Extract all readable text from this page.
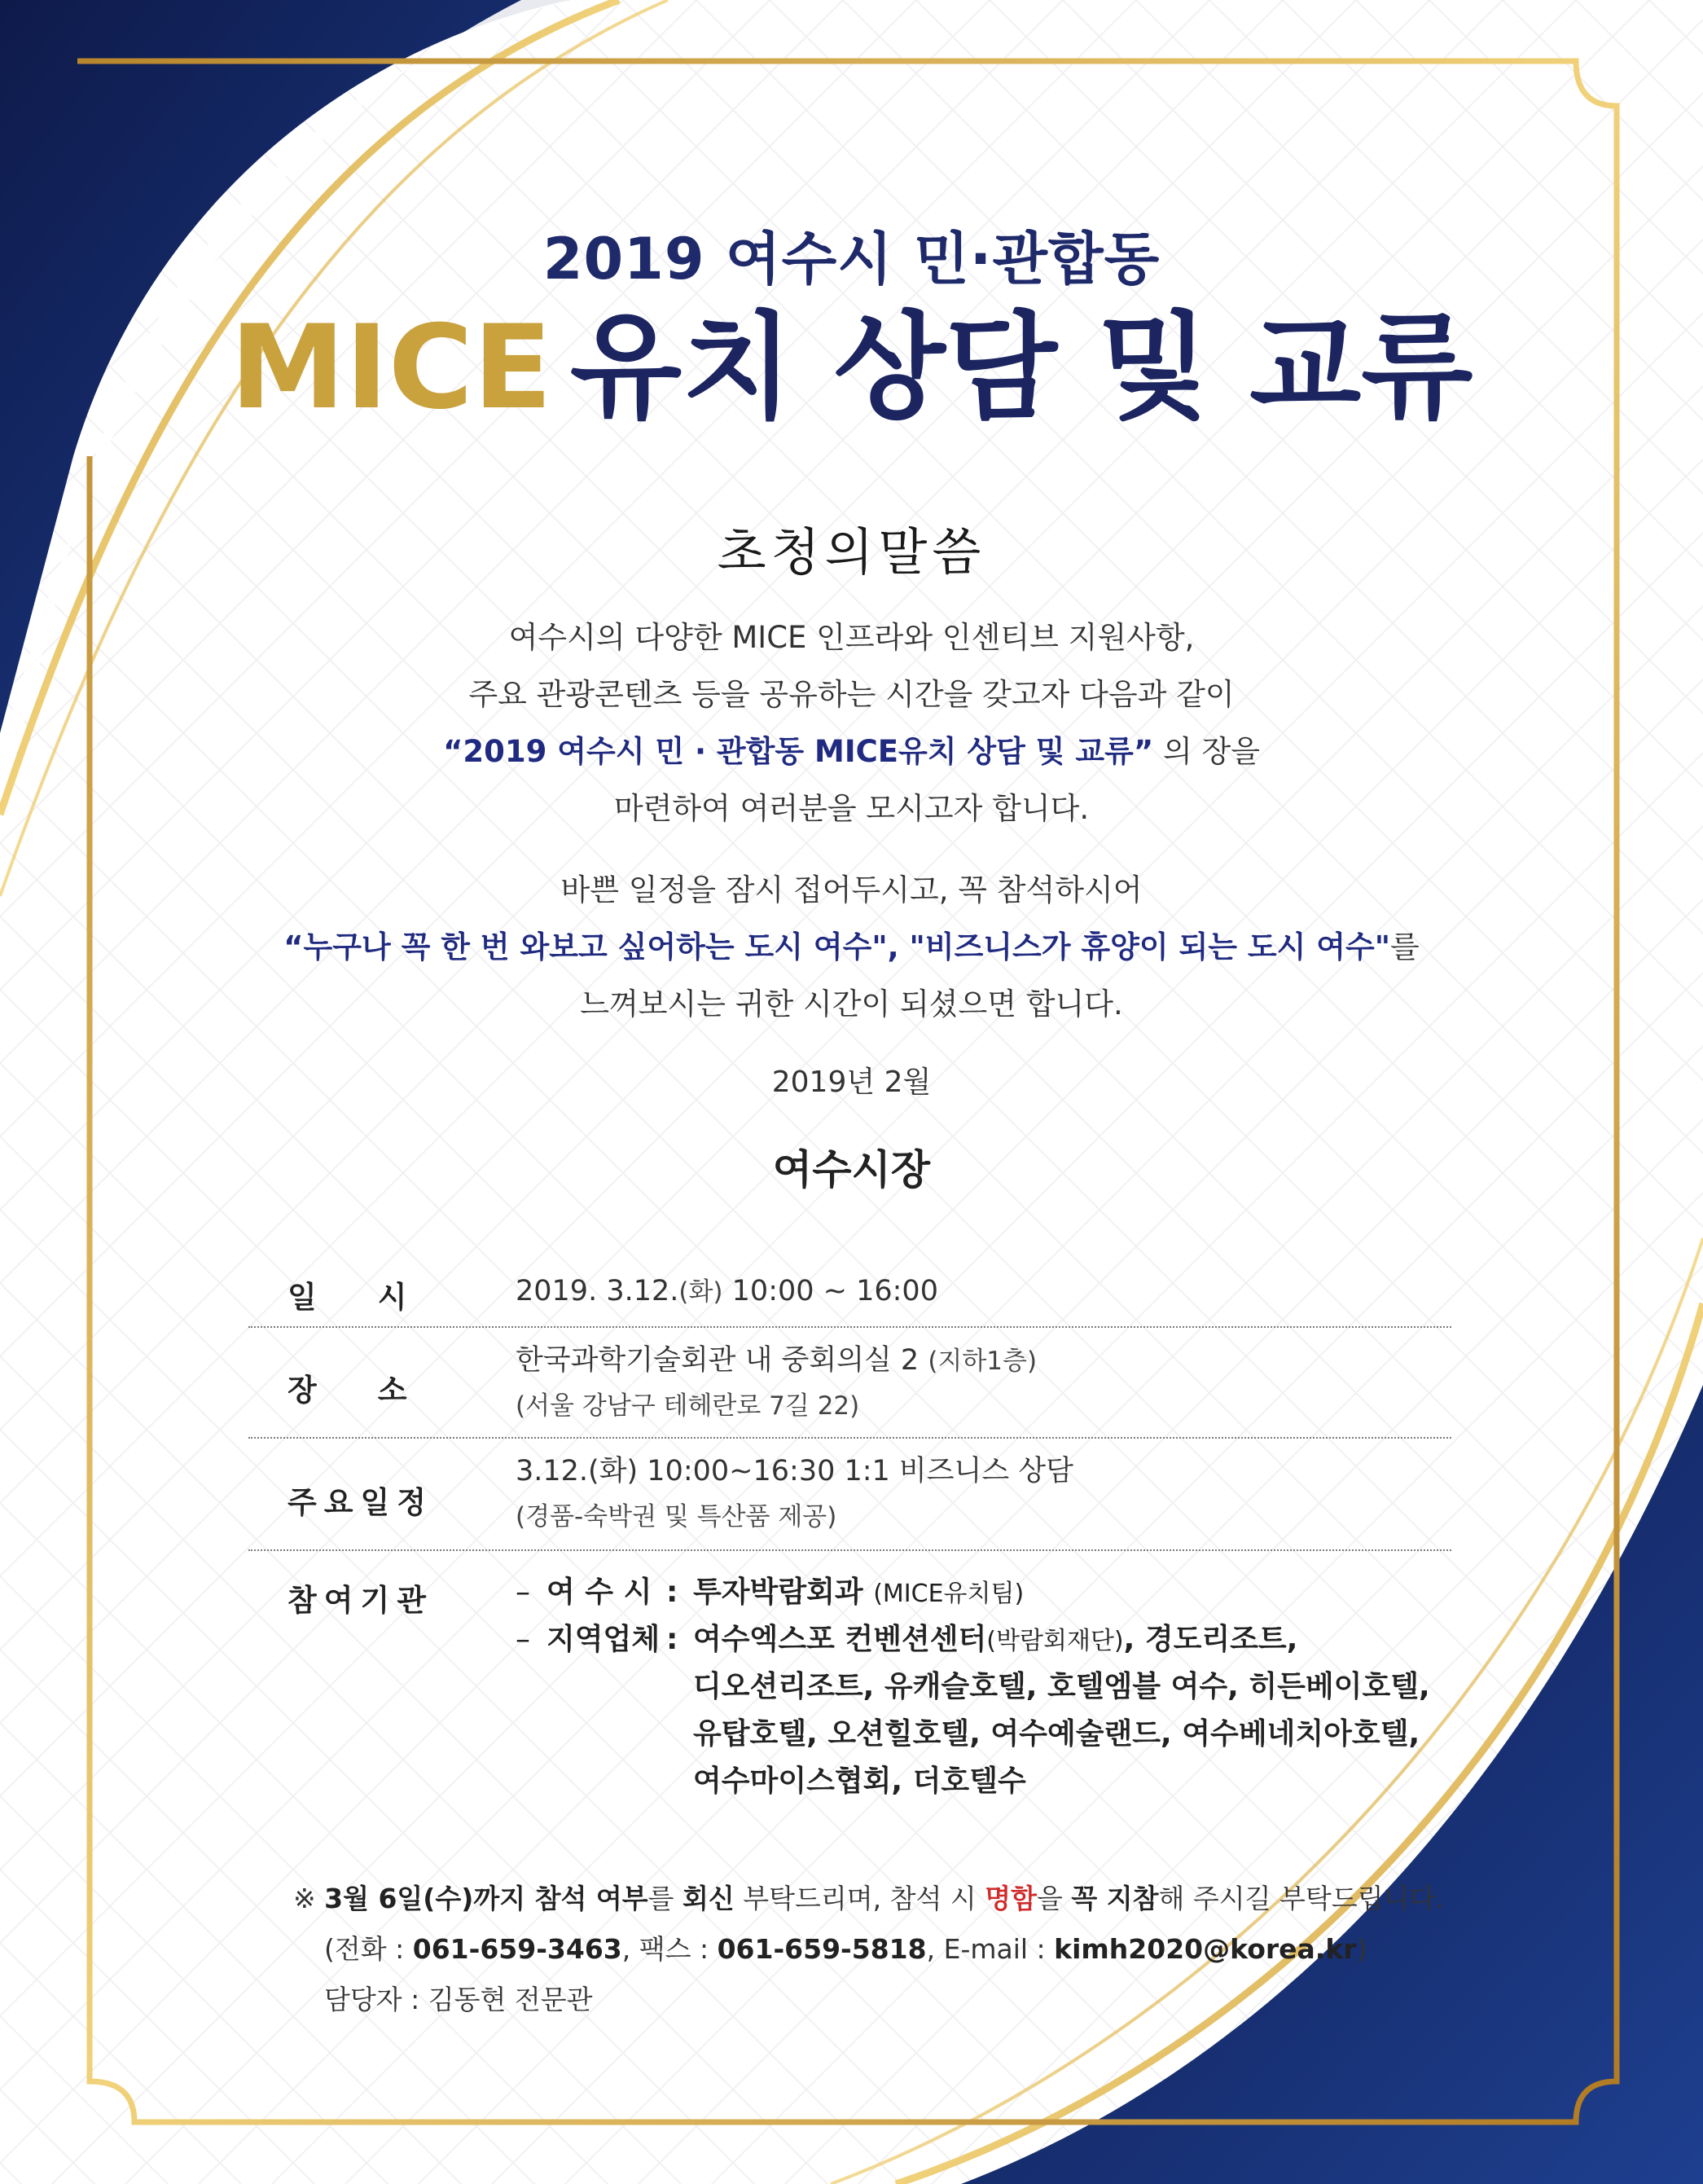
2019 여수시 민·관합동
MICE 유치 상담 및 교류
초청의말씀
여수시의 다양한 MICE 인프라와 인센티브 지원사항,
주요 관광콘텐츠 등을 공유하는 시간을 갖고자 다음과 같이
“2019 여수시 민 · 관합동 MICE유치 상담 및 교류” 의 장을
마련하여 여러분을 모시고자 합니다.
바쁜 일정을 잠시 접어두시고, 꼭 참석하시어
“누구나 꼭 한 번 와보고 싶어하는 도시 여수", "비즈니스가 휴양이 되는 도시 여수"를
느껴보시는 귀한 시간이 되셨으면 합니다.
2019년 2월
여수시장
일시 2019. 3.12.(화) 10:00 ~ 16:00
장소
한국과학기술회관 내 중회의실 2 (지하1층)
(서울 강남구 테헤란로 7길 22)
주요일정
3.12.(화) 10:00~16:30 1:1 비즈니스 상담
(경품-숙박권 및 특산품 제공)
참여기관	– 여 수 시 : 투자박람회과 (MICE유치팀)
– 지역업체 : 여수엑스포 컨벤션센터(박람회재단), 경도리조트,
디오션리조트, 유캐슬호텔, 호텔엠블 여수, 히든베이호텔,
유탑호텔, 오션힐호텔, 여수예술랜드, 여수베네치아호텔,
여수마이스협회, 더호텔수
※ 3월 6일(수)까지 참석 여부를 회신 부탁드리며, 참석 시 명함을 꼭 지참해 주시길 부탁드립니다.
(전화 : 061-659-3463, 팩스 : 061-659-5818, E-mail : kimh2020@korea.kr)
담당자 : 김동현 전문관
